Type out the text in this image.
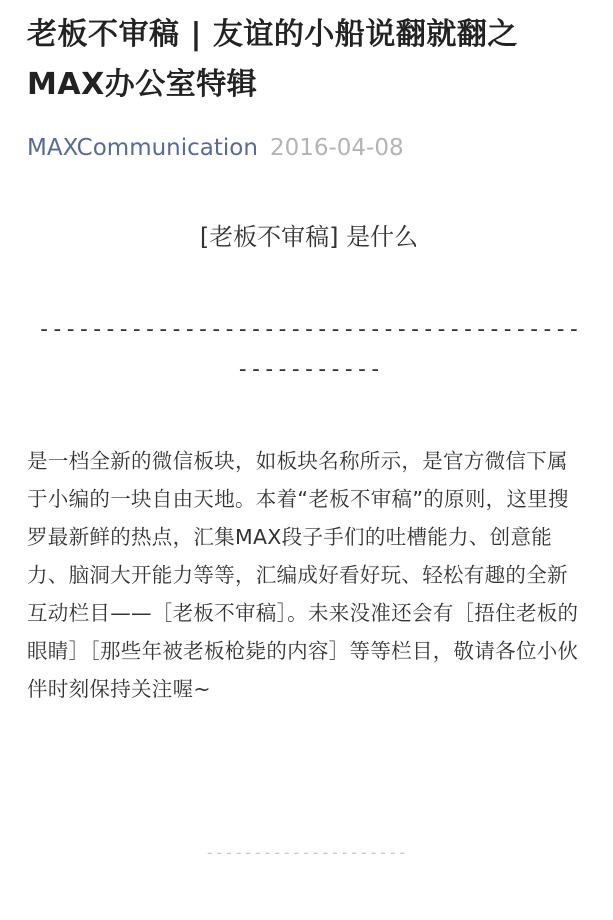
老板不审稿 | 友谊的小船说翻就翻之MAX办公室特辑
MAXCommunication 2016-04-08
[老板不审稿] 是什么
----------------------------------------------------

是一档全新的微信板块，如板块名称所示，是官方微信下属于小编的一块自由天地。本着“老板不审稿”的原则，这里搜罗最新鲜的热点，汇集MAX段子手们的吐槽能力、创意能力、脑洞大开能力等等，汇编成好看好玩、轻松有趣的全新互动栏目——［老板不审稿］。未来没准还会有［捂住老板的眼睛］［那些年被老板枪毙的内容］等等栏目，敬请各位小伙伴时刻保持关注喔~

---------------------
